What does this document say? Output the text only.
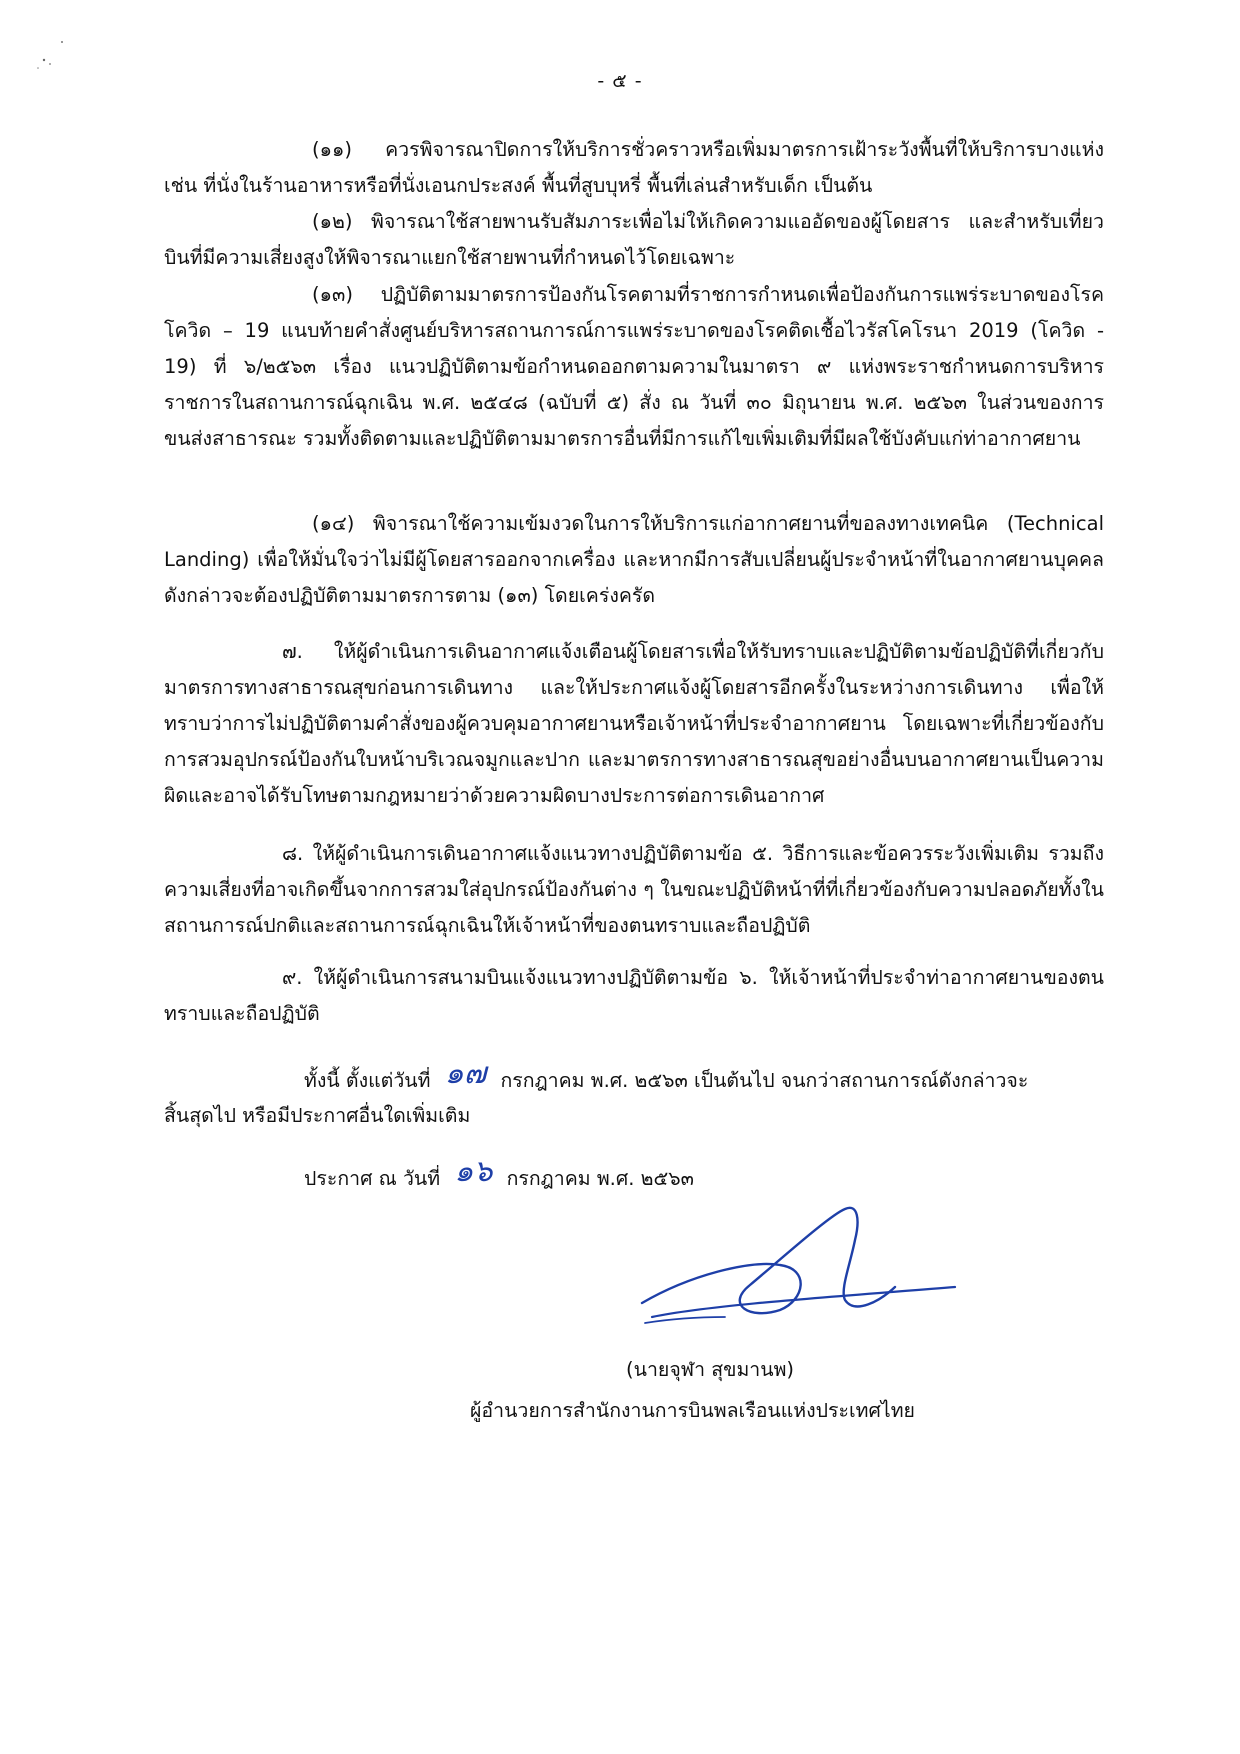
- ๕ -
(๑๑) ควรพิจารณาปิดการให้บริการชั่วคราวหรือเพิ่มมาตรการเฝ้าระวังพื้นที่ให้บริการบางแห่ง เช่น ที่นั่งในร้านอาหารหรือที่นั่งเอนกประสงค์ พื้นที่สูบบุหรี่ พื้นที่เล่นสำหรับเด็ก เป็นต้น
(๑๒) พิจารณาใช้สายพานรับสัมภาระเพื่อไม่ให้เกิดความแออัดของผู้โดยสาร และสำหรับเที่ยวบินที่มีความเสี่ยงสูงให้พิจารณาแยกใช้สายพานที่กำหนดไว้โดยเฉพาะ
(๑๓) ปฏิบัติตามมาตรการป้องกันโรคตามที่ราชการกำหนดเพื่อป้องกันการแพร่ระบาดของโรคโควิด – 19 แนบท้ายคำสั่งศูนย์บริหารสถานการณ์การแพร่ระบาดของโรคติดเชื้อไวรัสโคโรนา 2019 (โควิด - 19) ที่ ๖/๒๕๖๓ เรื่อง แนวปฏิบัติตามข้อกำหนดออกตามความในมาตรา ๙ แห่งพระราชกำหนดการบริหารราชการในสถานการณ์ฉุกเฉิน พ.ศ. ๒๕๔๘ (ฉบับที่ ๕) สั่ง ณ วันที่ ๓๐ มิถุนายน พ.ศ. ๒๕๖๓ ในส่วนของการขนส่งสาธารณะ รวมทั้งติดตามและปฏิบัติตามมาตรการอื่นที่มีการแก้ไขเพิ่มเติมที่มีผลใช้บังคับแก่ท่าอากาศยาน
(๑๔) พิจารณาใช้ความเข้มงวดในการให้บริการแก่อากาศยานที่ขอลงทางเทคนิค (Technical Landing) เพื่อให้มั่นใจว่าไม่มีผู้โดยสารออกจากเครื่อง และหากมีการสับเปลี่ยนผู้ประจำหน้าที่ในอากาศยานบุคคลดังกล่าวจะต้องปฏิบัติตามมาตรการตาม (๑๓) โดยเคร่งครัด
๗. ให้ผู้ดำเนินการเดินอากาศแจ้งเตือนผู้โดยสารเพื่อให้รับทราบและปฏิบัติตามข้อปฏิบัติที่เกี่ยวกับมาตรการทางสาธารณสุขก่อนการเดินทาง และให้ประกาศแจ้งผู้โดยสารอีกครั้งในระหว่างการเดินทาง เพื่อให้ทราบว่าการไม่ปฏิบัติตามคำสั่งของผู้ควบคุมอากาศยานหรือเจ้าหน้าที่ประจำอากาศยาน โดยเฉพาะที่เกี่ยวข้องกับการสวมอุปกรณ์ป้องกันใบหน้าบริเวณจมูกและปาก และมาตรการทางสาธารณสุขอย่างอื่นบนอากาศยานเป็นความผิดและอาจได้รับโทษตามกฎหมายว่าด้วยความผิดบางประการต่อการเดินอากาศ
๘. ให้ผู้ดำเนินการเดินอากาศแจ้งแนวทางปฏิบัติตามข้อ ๕. วิธีการและข้อควรระวังเพิ่มเติม รวมถึงความเสี่ยงที่อาจเกิดขึ้นจากการสวมใส่อุปกรณ์ป้องกันต่าง ๆ ในขณะปฏิบัติหน้าที่ที่เกี่ยวข้องกับความปลอดภัยทั้งในสถานการณ์ปกติและสถานการณ์ฉุกเฉินให้เจ้าหน้าที่ของตนทราบและถือปฏิบัติ
๙. ให้ผู้ดำเนินการสนามบินแจ้งแนวทางปฏิบัติตามข้อ ๖. ให้เจ้าหน้าที่ประจำท่าอากาศยานของตนทราบและถือปฏิบัติ
ทั้งนี้ ตั้งแต่วันที่ ๑๗ กรกฎาคม พ.ศ. ๒๕๖๓ เป็นต้นไป จนกว่าสถานการณ์ดังกล่าวจะ
สิ้นสุดไป หรือมีประกาศอื่นใดเพิ่มเติม
ประกาศ ณ วันที่ ๑๖ กรกฎาคม พ.ศ. ๒๕๖๓
(นายจุฬา สุขมานพ)
ผู้อำนวยการสำนักงานการบินพลเรือนแห่งประเทศไทย
